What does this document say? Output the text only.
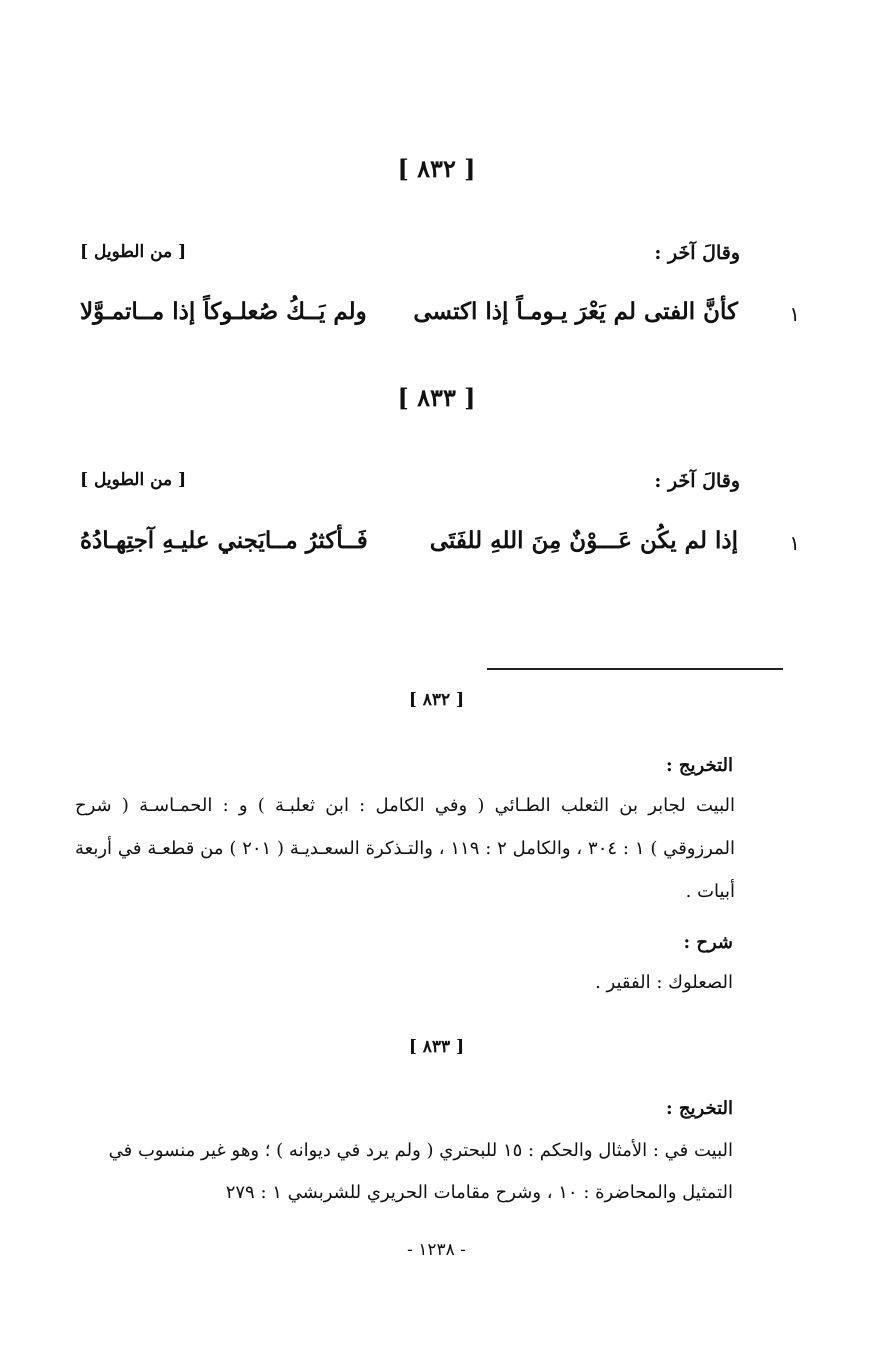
[ ٨٣٢ ]
وقالَ آخَر :
[ من الطويل ]
١
كأنَّ الفتى لم يَعْرَ يـومـاً إذا اكتسى
ولم يَــكُ صُعلـوكاً إذا مــاتمـوَّلا
[ ٨٣٣ ]
وقالَ آخَر :
[ من الطويل ]
١
إذا لم يكُن عَـــوْنٌ مِنَ اللهِ للفَتَى
فَــأكثرُ مــايَجني عليـهِ آجتِهـادُهُ
[ ٨٣٢ ]
التخريج :
البيت لجابر بن الثعلب الطـائي ( وفي الكامل : ابن ثعلبـة ) و : الحمـاسـة ( شرح المرزوقي ) ١ : ٣٠٤ ، والكامل ٢ : ١١٩ ، والتـذكرة السعـديـة ( ٢٠١ ) من قطعـة في أربعة أبيات .
شرح :
الصعلوك : الفقير .
[ ٨٣٣ ]
التخريج :
البيت في : الأمثال والحكم : ١٥ للبحتري ( ولم يرد في ديوانه ) ؛ وهو غير منسوب في
التمثيل والمحاضرة : ١٠ ، وشرح مقامات الحريري للشربشي ١ : ٢٧٩
- ١٢٣٨ -
